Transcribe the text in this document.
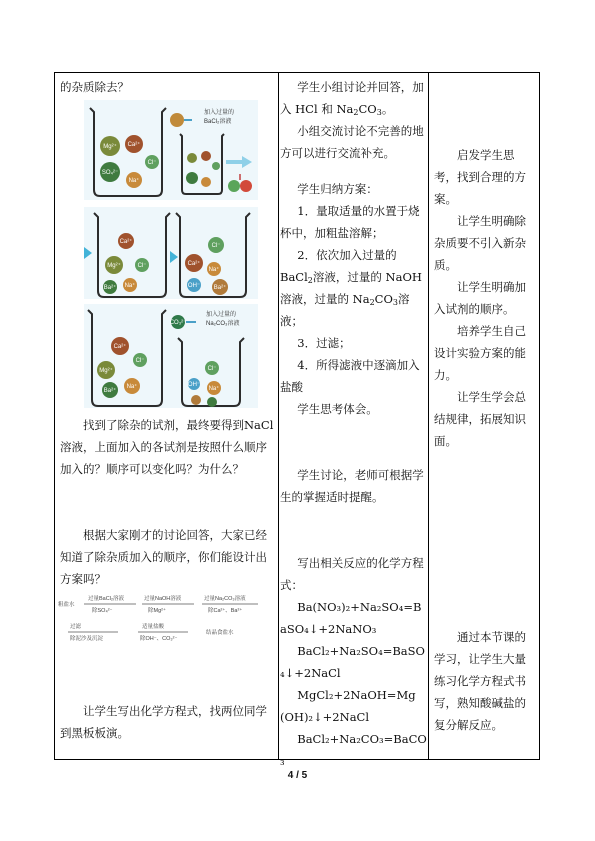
的杂质除去？

Mg²⁺ Ca²⁺
Cl⁻
SO₄²⁻
Na⁺
加入过量的
BaCl₂溶液
Ca²⁺
Cl⁻
Mg²⁺
Ba²⁺ Na⁺
Cl⁻
Ca²⁺
Na⁺
OH⁻ Ba²⁺
Ca²⁺
Cl⁻
Mg²⁺
Ba²⁺
Na⁺
CO₃²⁻
加入过量的
Na₂CO₃溶液
Cl⁻
OH⁻
Na⁺

找到了除杂的试剂，最终要得到NaCl 溶液，上面加入的各试剂是按照什么顺序加入的？顺序可以变化吗？为什么？

根据大家刚才的讨论回答，大家已经知道了除杂质加入的顺序，你们能设计出方案吗？

粗盐水
过量BaCl₂溶液
除SO₄²⁻
过量NaOH溶液
除Mg²⁺
过量Na₂CO₃溶液
除Ca²⁺、Ba²⁺
过滤
除泥沙及沉淀
适量盐酸
除OH⁻、CO₃²⁻
结晶食盐水

让学生写出化学方程式，找两位同学到黑板板演。

学生小组讨论并回答，加入 HCl 和 $Na_2CO_3$。

小组交流讨论不完善的地方可以进行交流补充。

学生归纳方案：

1．量取适量的水置于烧杯中，加粗盐溶解；

2．依次加入过量的 BaCl$_2$溶液，过量的 NaOH 溶液，过量的 $Na_2CO_3$溶液；

3．过滤；

4．所得滤液中逐滴加入盐酸

学生思考体会。

学生讨论，老师可根据学生的掌握适时提醒。

写出相关反应的化学方程式：

Ba(NO₃)₂+Na₂SO₄=BaSO₄↓+2NaNO₃

BaCl₂+Na₂SO₄=BaSO₄↓+2NaCl

MgCl₂+2NaOH=Mg(OH)₂↓+2NaCl

BaCl₂+Na₂CO₃=BaCO₃

启发学生思考，找到合理的方案。

让学生明确除杂质要不引入新杂质。

让学生明确加入试剂的顺序。

培养学生自己设计实验方案的能力。

让学生学会总结规律，拓展知识面。

通过本节课的学习，让学生大量练习化学方程式书写，熟知酸碱盐的复分解反应。

4 / 5
